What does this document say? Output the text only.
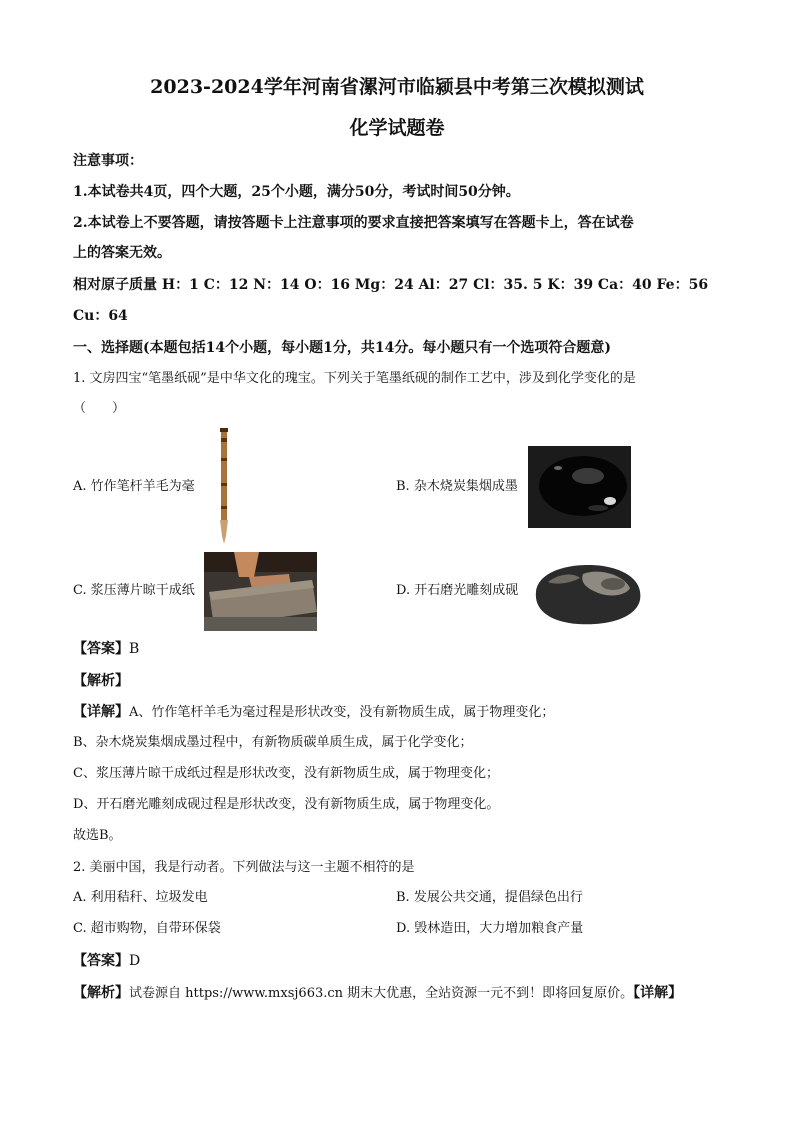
2023-2024学年河南省漯河市临颍县中考第三次模拟测试
化学试题卷
注意事项：
1.本试卷共4页，四个大题，25个小题，满分50分，考试时间50分钟。
2.本试卷上不要答题，请按答题卡上注意事项的要求直接把答案填写在答题卡上，答在试卷
上的答案无效。
相对原子质量 H：1 C：12 N：14 O：16 Mg：24 Al：27 Cl：35. 5 K：39 Ca：40 Fe：56
Cu：64
一、选择题(本题包括14个小题，每小题1分，共14分。每小题只有一个选项符合题意)
1. 文房四宝“笔墨纸砚”是中华文化的瑰宝。下列关于笔墨纸砚的制作工艺中，涉及到化学变化的是
（　　）
A. 竹作笔杆羊毛为毫	B. 杂木烧炭集烟成墨
C. 浆压薄片晾干成纸	D. 开石磨光雕刻成砚
【答案】B
【解析】
【详解】A、竹作笔杆羊毛为毫过程是形状改变，没有新物质生成，属于物理变化；
B、杂木烧炭集烟成墨过程中，有新物质碳单质生成，属于化学变化；
C、浆压薄片晾干成纸过程是形状改变，没有新物质生成，属于物理变化；
D、开石磨光雕刻成砚过程是形状改变，没有新物质生成，属于物理变化。
故选B。
2. 美丽中国，我是行动者。下列做法与这一主题不相符的是
A. 利用秸秆、垃圾发电	B. 发展公共交通，提倡绿色出行
C. 超市购物，自带环保袋	D. 毁林造田，大力增加粮食产量
【答案】D
【解析】试卷源自 https://www.mxsj663.cn 期末大优惠，全站资源一元不到！即将回复原价。【详解】
